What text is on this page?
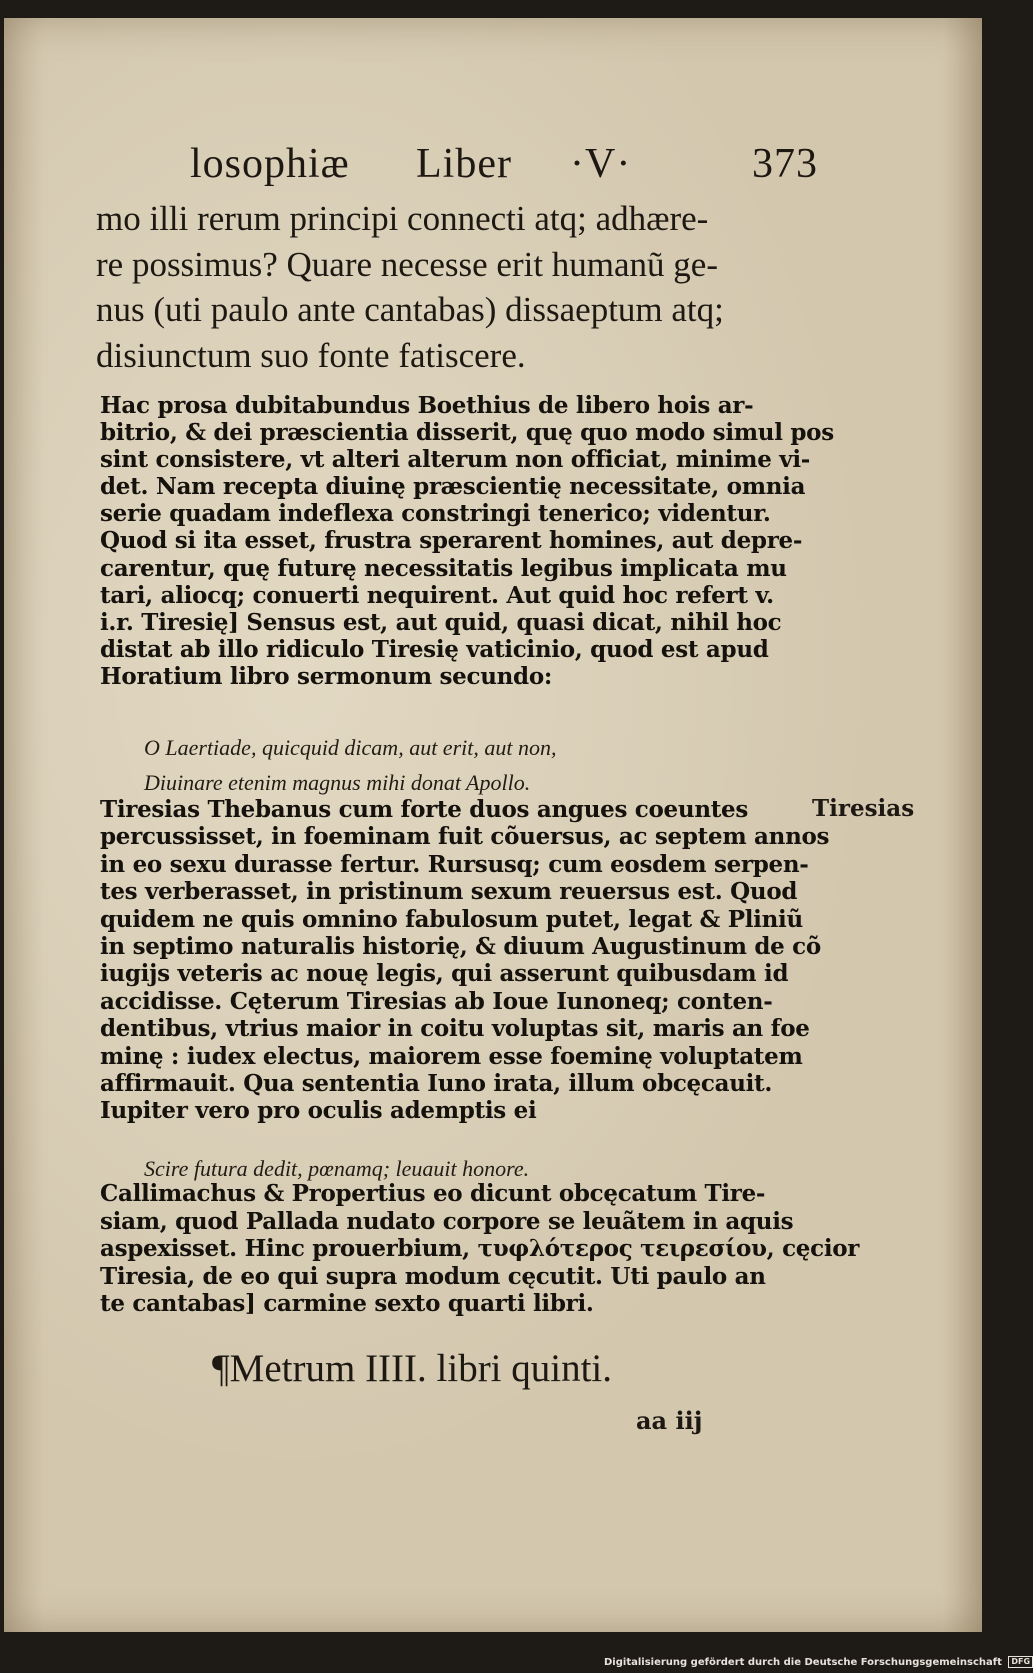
losophiæ Liber ·V·	373

mo illi rerum principi connecti atq; adhære-
re possimus? Quare necesse erit humanũ ge-
nus (uti paulo ante cantabas) dissaeptum atq;
disiunctum suo fonte fatiscere.

Hac prosa dubitabundus Boethius de libero hois ar-
bitrio, & dei præscientia disserit, quę quo modo simul pos
sint consistere, vt alteri alterum non officiat, minime vi-
det. Nam recepta diuinę præscientię necessitate, omnia
serie quadam indeflexa constringi tenerico; videntur.
Quod si ita esset, frustra sperarent homines, aut depre-
carentur, quę futurę necessitatis legibus implicata mu
tari, aliocq; conuerti nequirent. Aut quid hoc refert v.
i.r. Tiresię] Sensus est, aut quid, quasi dicat, nihil hoc
distat ab illo ridiculo Tiresię vaticinio, quod est apud
Horatium libro sermonum secundo:

O Laertiade, quicquid dicam, aut erit, aut non,
Diuinare etenim magnus mihi donat Apollo.

Tiresias

Tiresias Thebanus cum forte duos angues coeuntes
percussisset, in foeminam fuit cõuersus, ac septem annos
in eo sexu durasse fertur. Rursusq; cum eosdem serpen-
tes verberasset, in pristinum sexum reuersus est. Quod
quidem ne quis omnino fabulosum putet, legat & Pliniũ
in septimo naturalis historię, & diuum Augustinum de cõ
iugijs veteris ac nouę legis, qui asserunt quibusdam id
accidisse. Cęterum Tiresias ab Ioue Iunoneq; conten-
dentibus, vtrius maior in coitu voluptas sit, maris an foe
minę : iudex electus, maiorem esse foeminę voluptatem
affirmauit. Qua sententia Iuno irata, illum obcęcauit.
Iupiter vero pro oculis ademptis ei

Scire futura dedit, pœnamq; leuauit honore.

Callimachus & Propertius eo dicunt obcęcatum Tire-
siam, quod Pallada nudato corpore se leuãtem in aquis
aspexisset. Hinc prouerbium, τυφλότερος τειρεσίου, cęcior
Tiresia, de eo qui supra modum cęcutit. Uti paulo an
te cantabas] carmine sexto quarti libri.

¶Metrum IIII. libri quinti.
aa iij
Digitalisierung gefördert durch die Deutsche Forschungsgemeinschaft DFG
